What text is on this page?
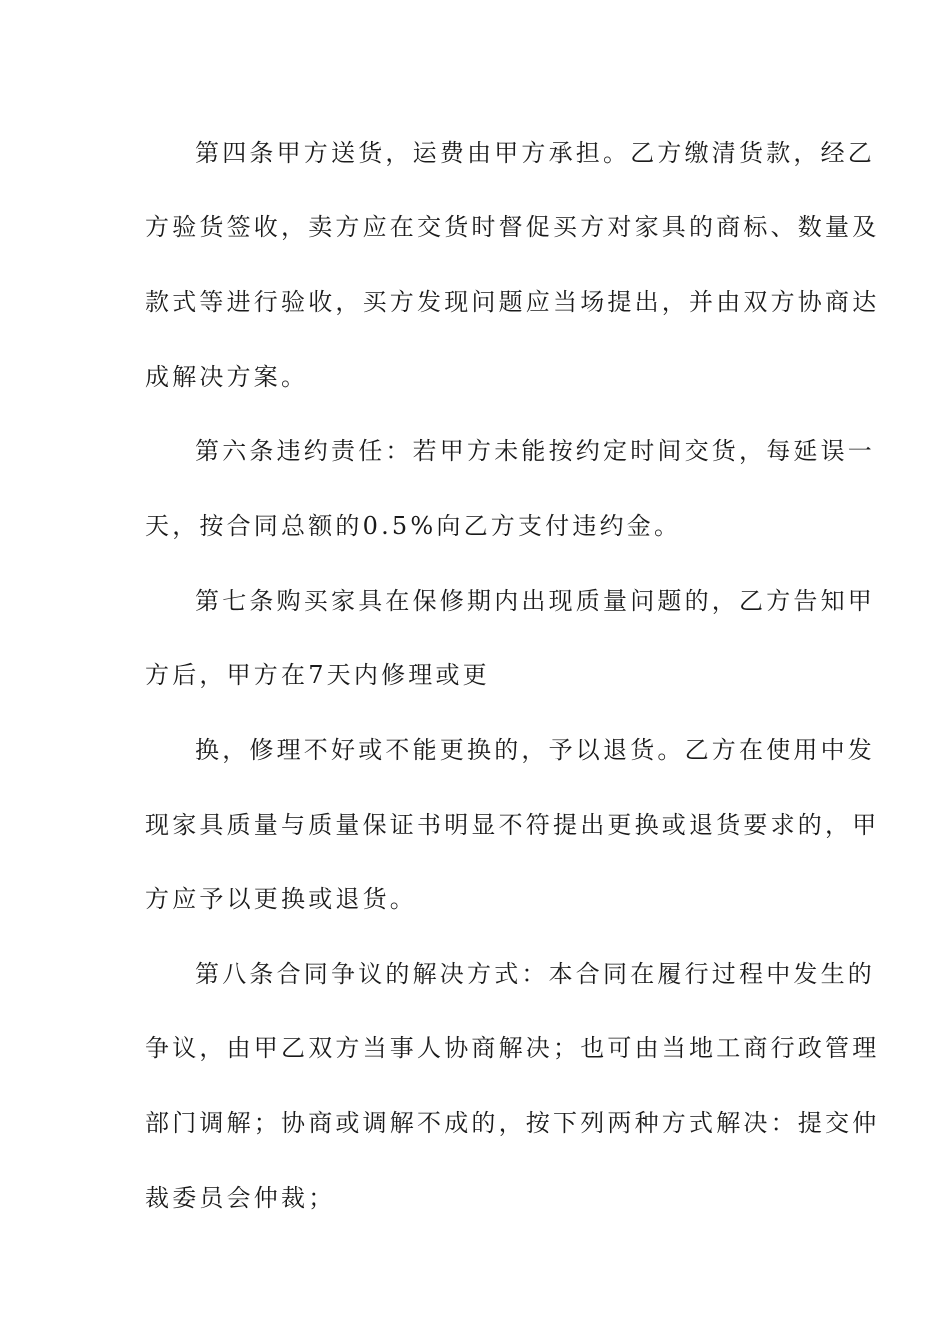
第四条甲方送货，运费由甲方承担。乙方缴清货款，经乙
方验货签收，卖方应在交货时督促买方对家具的商标、数量及
款式等进行验收，买方发现问题应当场提出，并由双方协商达
成解决方案。
第六条违约责任：若甲方未能按约定时间交货，每延误一
天，按合同总额的0.5%向乙方支付违约金。
第七条购买家具在保修期内出现质量问题的，乙方告知甲
方后，甲方在7天内修理或更
换，修理不好或不能更换的，予以退货。乙方在使用中发
现家具质量与质量保证书明显不符提出更换或退货要求的，甲
方应予以更换或退货。
第八条合同争议的解决方式：本合同在履行过程中发生的
争议，由甲乙双方当事人协商解决；也可由当地工商行政管理
部门调解；协商或调解不成的，按下列两种方式解决：提交仲
裁委员会仲裁；
